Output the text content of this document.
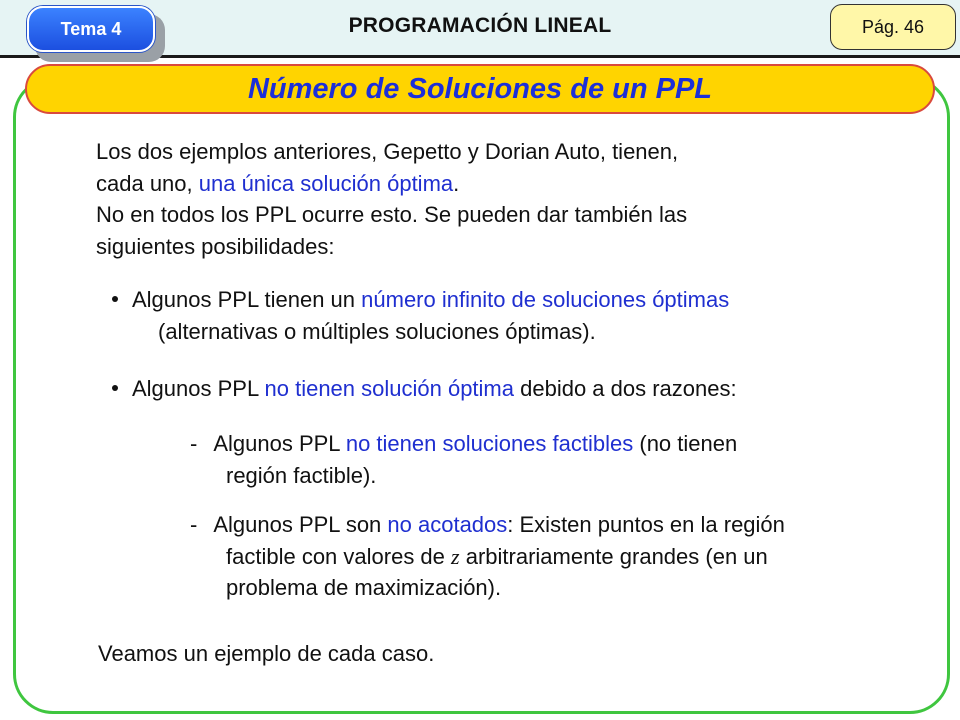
PROGRAMACIÓN LINEAL
Tema 4	Pág. 46
Número de Soluciones de un PPL

Los dos ejemplos anteriores, Gepetto y Dorian Auto, tienen,
cada uno, una única solución óptima.
No en todos los PPL ocurre esto. Se pueden dar también las
siguientes posibilidades:

Algunos PPL tienen un número infinito de soluciones óptimas
(alternativas o múltiples soluciones óptimas).
Algunos PPL no tienen solución óptima debido a dos razones:
- Algunos PPL no tienen soluciones factibles (no tienen
región factible).
- Algunos PPL son no acotados: Existen puntos en la región
factible con valores de z arbitrariamente grandes (en un
problema de maximización).
Veamos un ejemplo de cada caso.
